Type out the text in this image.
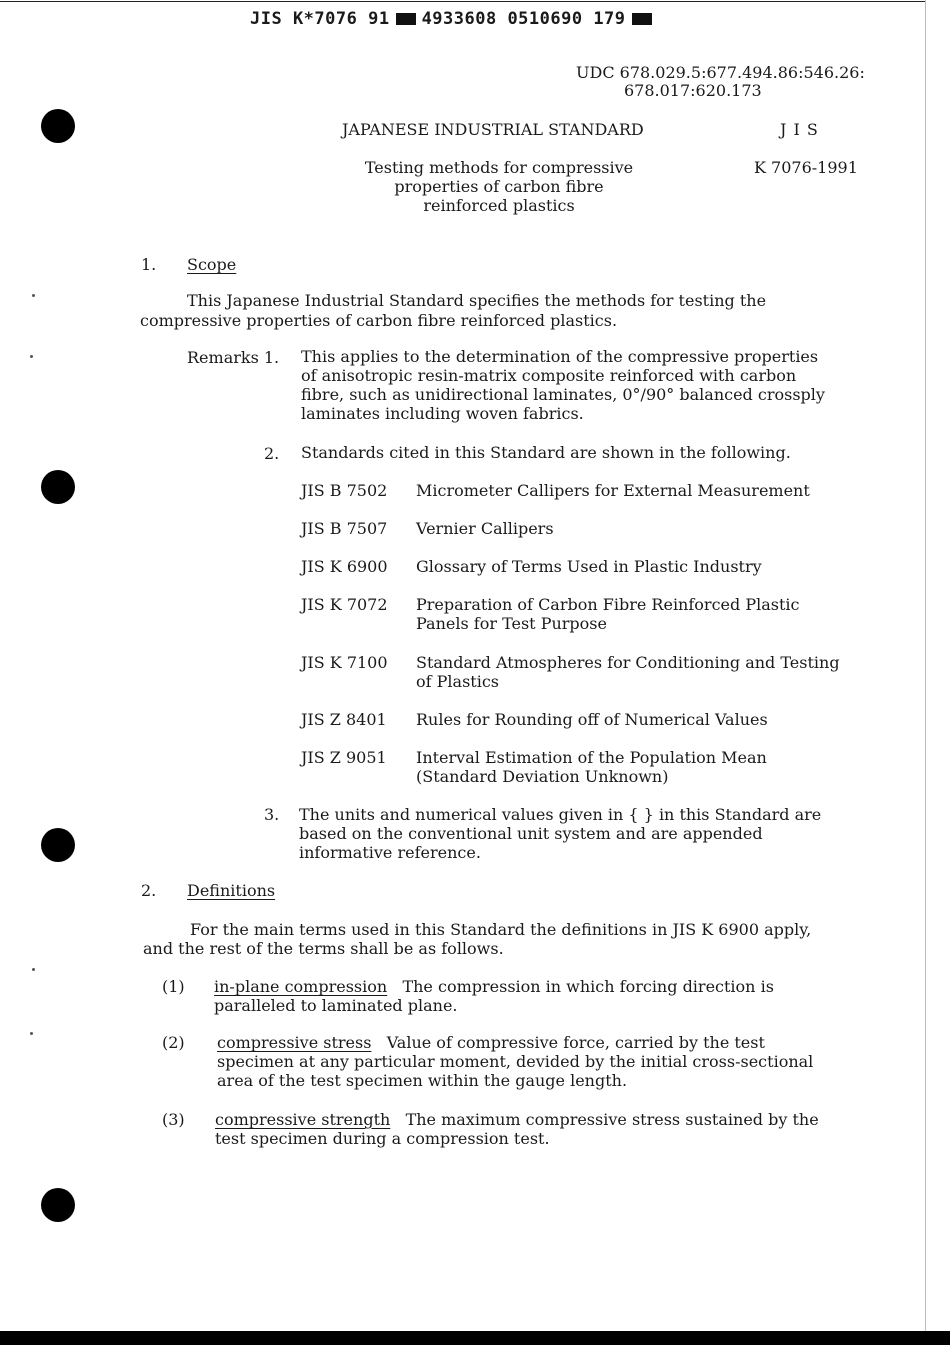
JIS K*7076 91 4933608 0510690 179
UDC 678.029.5:677.494.86:546.26:
678.017:620.173
JAPANESE INDUSTRIAL STANDARD	J I S
Testing methods for compressive
properties of carbon fibre
reinforced plastics
K 7076-1991
1. Scope
This Japanese Industrial Standard specifies the methods for testing the
compressive properties of carbon fibre reinforced plastics.
Remarks 1. This applies to the determination of the compressive properties
of anisotropic resin-matrix composite reinforced with carbon
fibre, such as unidirectional laminates, 0°/90° balanced crossply
laminates including woven fabrics.
2. Standards cited in this Standard are shown in the following.
JIS B 7502 Micrometer Callipers for External Measurement
JIS B 7507 Vernier Callipers
JIS K 6900 Glossary of Terms Used in Plastic Industry
JIS K 7072 Preparation of Carbon Fibre Reinforced Plastic
Panels for Test Purpose
JIS K 7100 Standard Atmospheres for Conditioning and Testing
of Plastics
JIS Z 8401 Rules for Rounding off of Numerical Values
JIS Z 9051 Interval Estimation of the Population Mean
(Standard Deviation Unknown)
3. The units and numerical values given in { } in this Standard are
based on the conventional unit system and are appended
informative reference.
2. Definitions
For the main terms used in this Standard the definitions in JIS K 6900 apply,
and the rest of the terms shall be as follows.
(1) in-plane compression The compression in which forcing direction is
paralleled to laminated plane.
(2) compressive stress Value of compressive force, carried by the test
specimen at any particular moment, devided by the initial cross-sectional
area of the test specimen within the gauge length.
(3) compressive strength The maximum compressive stress sustained by the
test specimen during a compression test.
